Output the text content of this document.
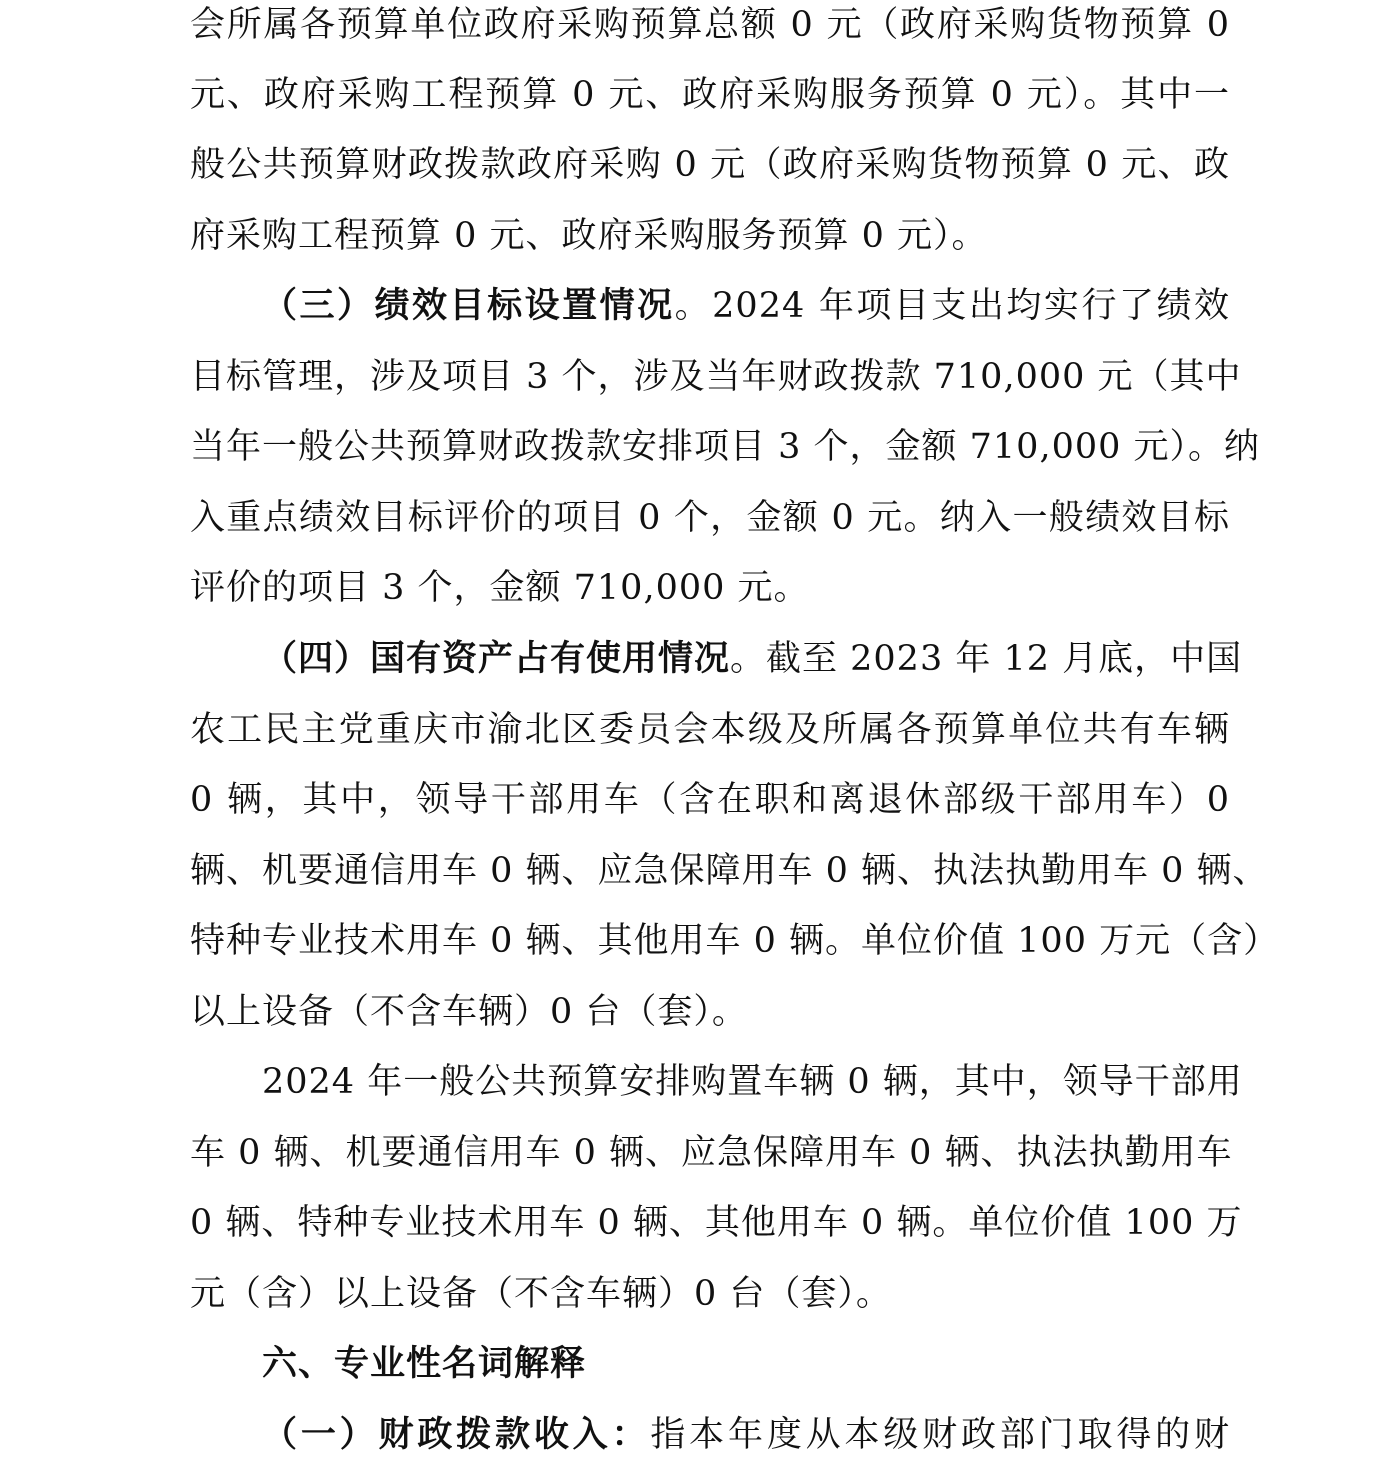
会所属各预算单位政府采购预算总额 0 元（政府采购货物预算 0
元、政府采购工程预算 0 元、政府采购服务预算 0 元）。其中一
般公共预算财政拨款政府采购 0 元（政府采购货物预算 0 元、政
府采购工程预算 0 元、政府采购服务预算 0 元）。
（三）绩效目标设置情况。2024 年项目支出均实行了绩效
目标管理，涉及项目 3 个，涉及当年财政拨款 710,000 元（其中
当年一般公共预算财政拨款安排项目 3 个，金额 710,000 元）。纳
入重点绩效目标评价的项目 0 个，金额 0 元。纳入一般绩效目标
评价的项目 3 个，金额 710,000 元。
（四）国有资产占有使用情况。截至 2023 年 12 月底，中国
农工民主党重庆市渝北区委员会本级及所属各预算单位共有车辆
0 辆，其中，领导干部用车（含在职和离退休部级干部用车）0
辆、机要通信用车 0 辆、应急保障用车 0 辆、执法执勤用车 0 辆、
特种专业技术用车 0 辆、其他用车 0 辆。单位价值 100 万元（含）
以上设备（不含车辆）0 台（套）。
2024 年一般公共预算安排购置车辆 0 辆，其中，领导干部用
车 0 辆、机要通信用车 0 辆、应急保障用车 0 辆、执法执勤用车
0 辆、特种专业技术用车 0 辆、其他用车 0 辆。单位价值 100 万
元（含）以上设备（不含车辆）0 台（套）。
六、专业性名词解释
（一）财政拨款收入：指本年度从本级财政部门取得的财
